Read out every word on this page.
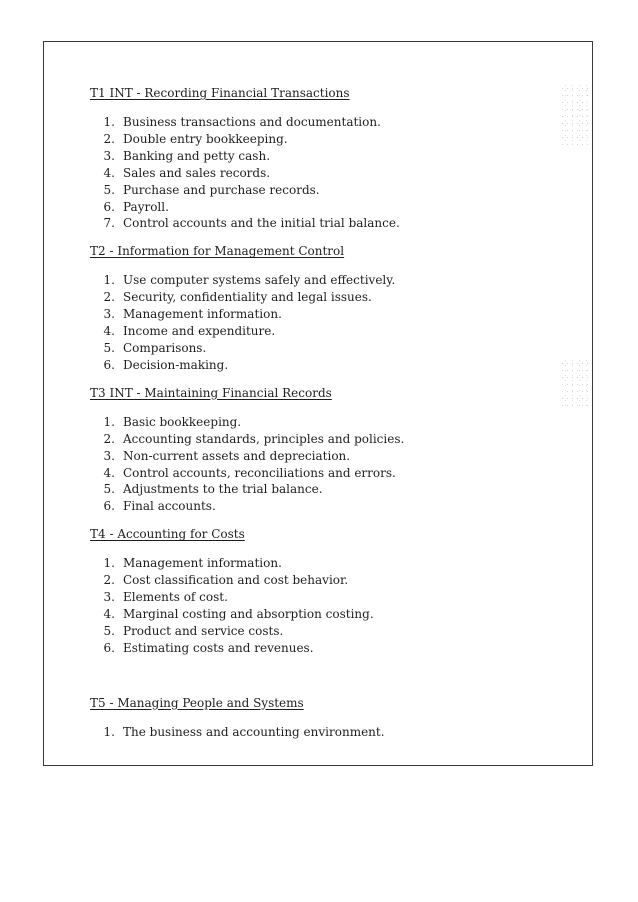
T1 INT - Recording Financial Transactions
1. Business transactions and documentation.
2. Double entry bookkeeping.
3. Banking and petty cash.
4. Sales and sales records.
5. Purchase and purchase records.
6. Payroll.
7. Control accounts and the initial trial balance.
T2 - Information for Management Control
1. Use computer systems safely and effectively.
2. Security, confidentiality and legal issues.
3. Management information.
4. Income and expenditure.
5. Comparisons.
6. Decision-making.
T3 INT - Maintaining Financial Records
1. Basic bookkeeping.
2. Accounting standards, principles and policies.
3. Non-current assets and depreciation.
4. Control accounts, reconciliations and errors.
5. Adjustments to the trial balance.
6. Final accounts.
T4 - Accounting for Costs
1. Management information.
2. Cost classification and cost behavior.
3. Elements of cost.
4. Marginal costing and absorption costing.
5. Product and service costs.
6. Estimating costs and revenues.
T5 - Managing People and Systems
1. The business and accounting environment.
